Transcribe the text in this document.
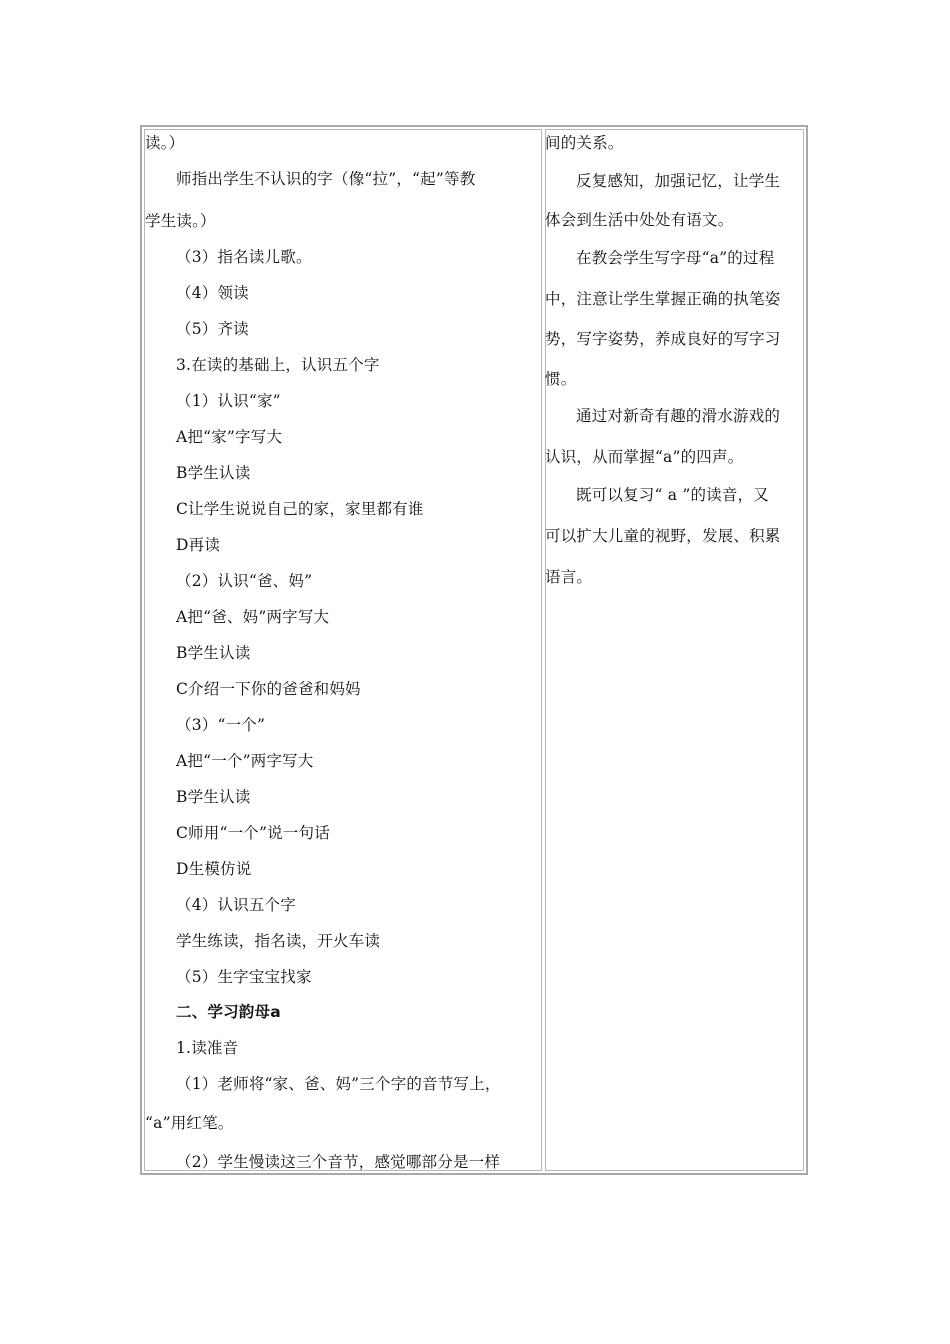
读。）
师指出学生不认识的字（像“拉”，“起”等教
学生读。）
（3）指名读儿歌。
（4）领读
（5）齐读
3.在读的基础上，认识五个字
（1）认识“家”
A把“家”字写大
B学生认读
C让学生说说自己的家，家里都有谁
D再读
（2）认识“爸、妈”
A把“爸、妈”两字写大
B学生认读
C介绍一下你的爸爸和妈妈
（3）“一个”
A把“一个”两字写大
B学生认读
C师用“一个”说一句话
D生模仿说
（4）认识五个字
学生练读，指名读，开火车读
（5）生字宝宝找家
二、学习韵母a
1.读准音
（1）老师将“家、爸、妈”三个字的音节写上，
“a”用红笔。
（2）学生慢读这三个音节，感觉哪部分是一样
间的关系。
反复感知，加强记忆，让学生
体会到生活中处处有语文。
在教会学生写字母“a”的过程
中，注意让学生掌握正确的执笔姿
势，写字姿势，养成良好的写字习
惯。
通过对新奇有趣的滑水游戏的
认识，从而掌握“a”的四声。
既可以复习“ a ”的读音，又
可以扩大儿童的视野，发展、积累
语言。
